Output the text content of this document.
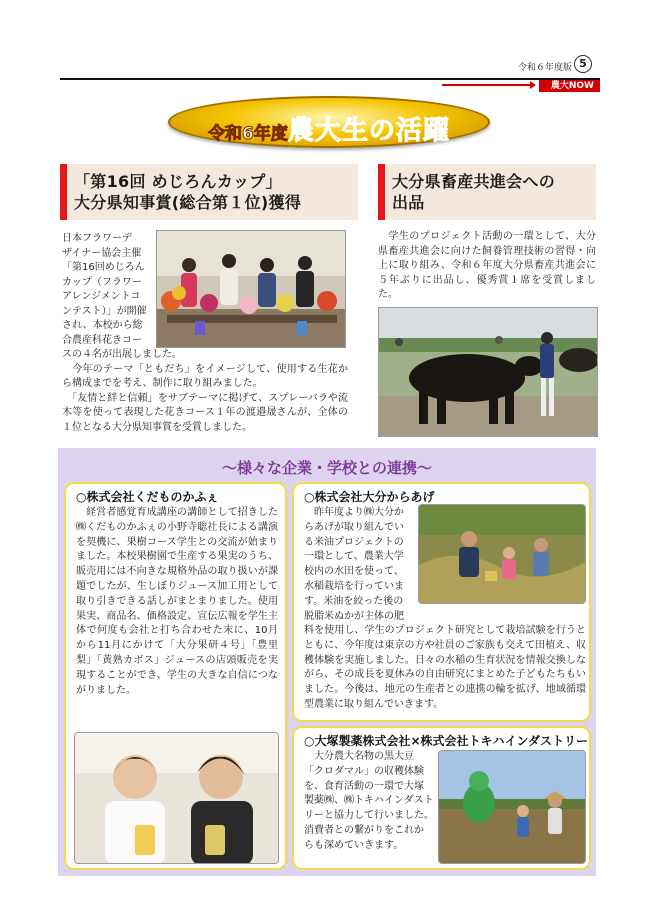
令和６年度版 5
農大NOW
令和6年度農大生の活躍
「第16回 めじろんカップ」
大分県知事賞(総合第１位)獲得
日本フラワーデ
ザイナー協会主催
「第16回めじろん
カップ（フラワー
アレンジメントコ
ンテスト）」が開催
され、本校から総
合農産科花きコー
スの４名が出展しました。
　今年のテーマ「ともだち」をイメージして、使用する生花から構成までを考え、制作に取り組みました。
　「友情と絆と信頼」をサブテーマに掲げて、スプレーバラや流木等を使って表現した花きコース１年の渡邉晟さんが、全体の１位となる大分県知事賞を受賞しました。
大分県畜産共進会への
出品
　学生のプロジェクト活動の一環として、大分県畜産共進会に向けた飼養管理技術の習得・向上に取り組み、令和６年度大分県畜産共進会に５年ぶりに出品し、優秀賞１席を受賞しました。
〜様々な企業・学校との連携〜
○株式会社くだものかふぇ
　経営者感覚育成講座の講師として招きした㈱くだものかふぇの小野寺聡社長による講演を契機に、果樹コース学生との交流が始まりました。本校果樹園で生産する果実のうち、販売用には不向きな規格外品の取り扱いが課題でしたが、生しぼりジュース加工用として取り引きできる話しがまとまりました。使用果実、商品名、価格設定、宣伝広報を学生主体で何度も会社と打ち合わせた末に、10月から11月にかけて「大分果研４号」「豊里梨」「黄熟カボス」ジュースの店頭販売を実現することができ、学生の大きな自信につながりました。
○株式会社大分からあげ
　昨年度より㈱大分か
らあげが取り組んでい
る米油プロジェクトの
一環として、農業大学
校内の水田を使って、
水稲栽培を行っていま
す。米油を絞った後の
脱脂米ぬかが主体の肥
料を使用し、学生のプロジェクト研究として栽培試験を行うとともに、今年度は東京の方や社員のご家族も交えて田植え、収穫体験を実施しました。日々の水稲の生育状況を情報交換しながら、その成長を夏休みの自由研究にまとめた子どもたちもいました。今後は、地元の生産者との連携の輪を拡げ、地域循環型農業に取り組んでいきます。
○大塚製薬株式会社×株式会社トキハインダストリー
　大分農大名物の黒大豆
「クロダマル」の収穫体験
を、食育活動の一環で大塚
製薬㈱、㈱トキハインダスト
リーと協力して行いました。
消費者との繋がりをこれか
らも深めていきます。
